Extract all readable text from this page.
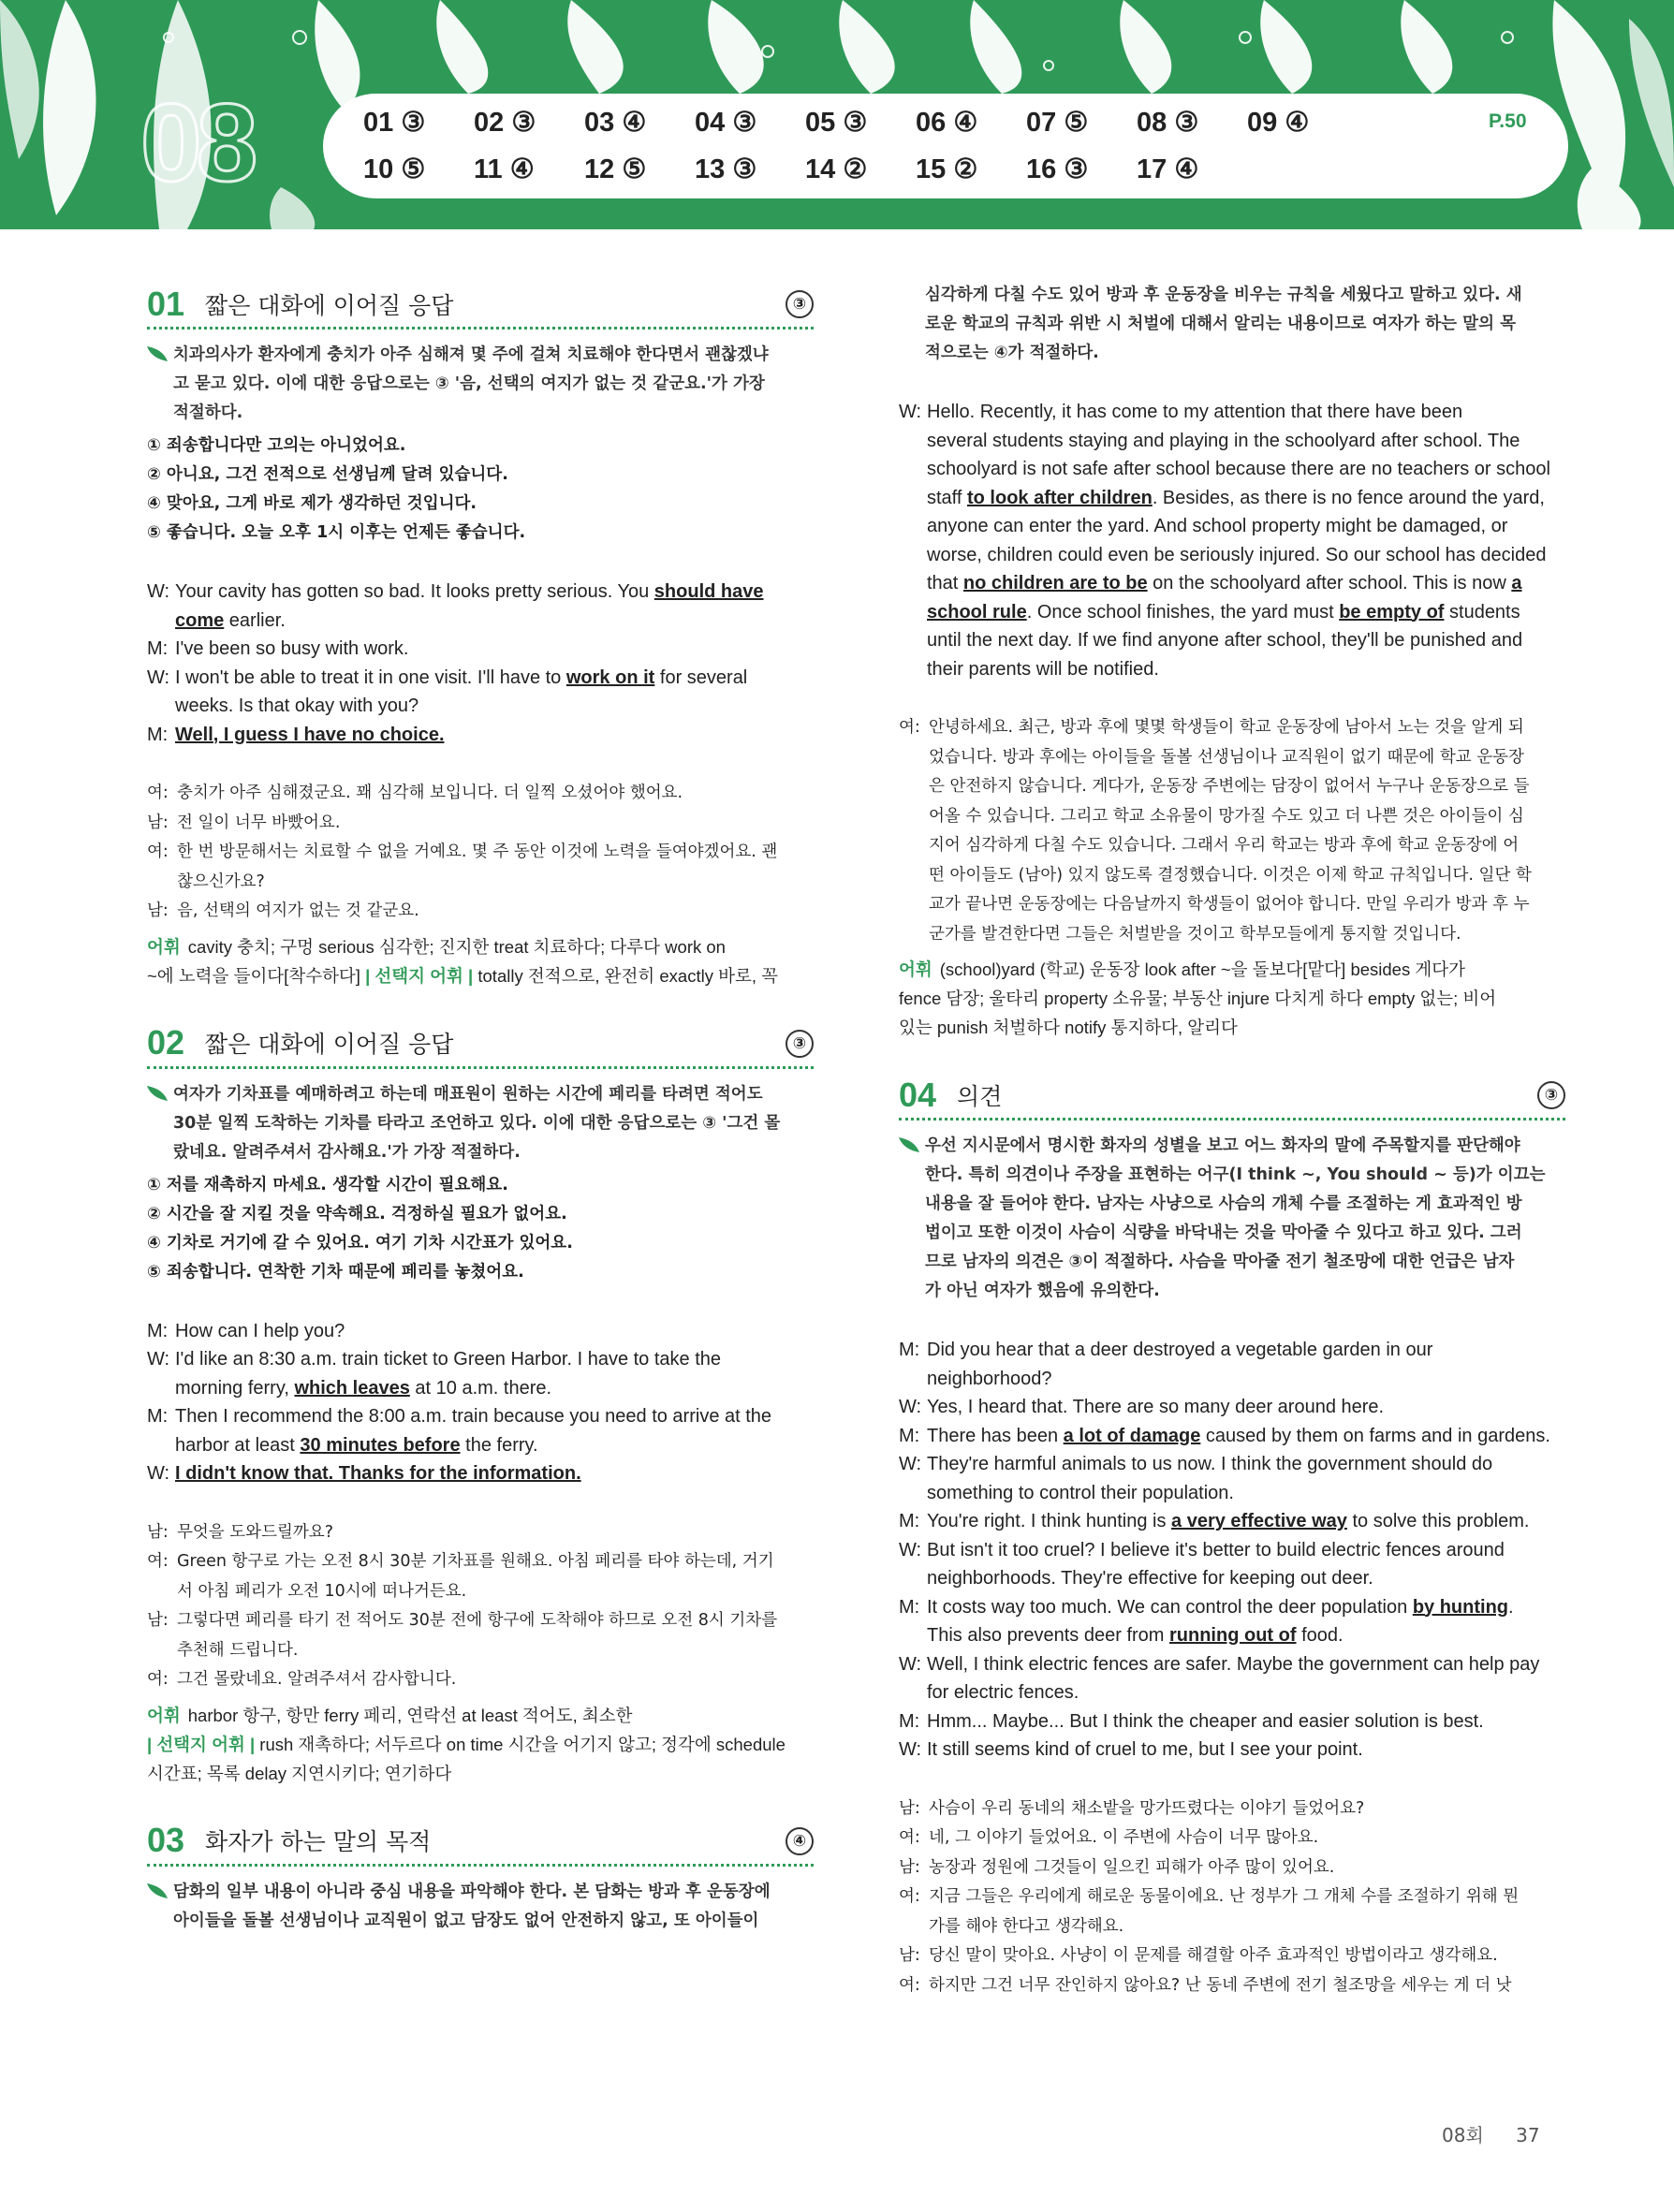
08	01 ③ 02 ③ 03 ④ 04 ③ 05 ③ 06 ④ 07 ⑤ 08 ③ 09 ④
10 ⑤ 11 ④ 12 ⑤ 13 ③ 14 ② 15 ② 16 ③ 17 ④
P.50
01 짧은 대화에 이어질 응답	③
치과의사가 환자에게 충치가 아주 심해져 몇 주에 걸쳐 치료해야 한다면서 괜찮겠냐
고 묻고 있다. 이에 대한 응답으로는 ③ '음, 선택의 여지가 없는 것 같군요.'가 가장
적절하다.
① 죄송합니다만 고의는 아니었어요.
② 아니요, 그건 전적으로 선생님께 달려 있습니다.
④ 맞아요, 그게 바로 제가 생각하던 것입니다.
⑤ 좋습니다. 오늘 오후 1시 이후는 언제든 좋습니다.
W: Your cavity has gotten so bad. It looks pretty serious. You should have
come earlier.
M: I've been so busy with work.
W: I won't be able to treat it in one visit. I'll have to work on it for several
weeks. Is that okay with you?
M: Well, I guess I have no choice.
여: 충치가 아주 심해졌군요. 꽤 심각해 보입니다. 더 일찍 오셨어야 했어요.
남: 전 일이 너무 바빴어요.
여: 한 번 방문해서는 치료할 수 없을 거예요. 몇 주 동안 이것에 노력을 들여야겠어요. 괜
찮으신가요?
남: 음, 선택의 여지가 없는 것 같군요.
어휘 cavity 충치; 구멍 serious 심각한; 진지한 treat 치료하다; 다루다 work on
~에 노력을 들이다[착수하다] | 선택지 어휘 | totally 전적으로, 완전히 exactly 바로, 꼭
02 짧은 대화에 이어질 응답	③
여자가 기차표를 예매하려고 하는데 매표원이 원하는 시간에 페리를 타려면 적어도
30분 일찍 도착하는 기차를 타라고 조언하고 있다. 이에 대한 응답으로는 ③ '그건 몰
랐네요. 알려주셔서 감사해요.'가 가장 적절하다.
① 저를 재촉하지 마세요. 생각할 시간이 필요해요.
② 시간을 잘 지킬 것을 약속해요. 걱정하실 필요가 없어요.
④ 기차로 거기에 갈 수 있어요. 여기 기차 시간표가 있어요.
⑤ 죄송합니다. 연착한 기차 때문에 페리를 놓쳤어요.
M: How can I help you?
W: I'd like an 8:30 a.m. train ticket to Green Harbor. I have to take the
morning ferry, which leaves at 10 a.m. there.
M: Then I recommend the 8:00 a.m. train because you need to arrive at the
harbor at least 30 minutes before the ferry.
W: I didn't know that. Thanks for the information.
남: 무엇을 도와드릴까요?
여: Green 항구로 가는 오전 8시 30분 기차표를 원해요. 아침 페리를 타야 하는데, 거기
서 아침 페리가 오전 10시에 떠나거든요.
남: 그렇다면 페리를 타기 전 적어도 30분 전에 항구에 도착해야 하므로 오전 8시 기차를
추천해 드립니다.
여: 그건 몰랐네요. 알려주셔서 감사합니다.
어휘 harbor 항구, 항만 ferry 페리, 연락선 at least 적어도, 최소한
| 선택지 어휘 | rush 재촉하다; 서두르다 on time 시간을 어기지 않고; 정각에 schedule
시간표; 목록 delay 지연시키다; 연기하다
03 화자가 하는 말의 목적	④
담화의 일부 내용이 아니라 중심 내용을 파악해야 한다. 본 담화는 방과 후 운동장에
아이들을 돌볼 선생님이나 교직원이 없고 담장도 없어 안전하지 않고, 또 아이들이
심각하게 다칠 수도 있어 방과 후 운동장을 비우는 규칙을 세웠다고 말하고 있다. 새
로운 학교의 규칙과 위반 시 처벌에 대해서 알리는 내용이므로 여자가 하는 말의 목
적으로는 ④가 적절하다.
W: Hello. Recently, it has come to my attention that there have been
several students staying and playing in the schoolyard after school. The
schoolyard is not safe after school because there are no teachers or school
staff to look after children. Besides, as there is no fence around the yard,
anyone can enter the yard. And school property might be damaged, or
worse, children could even be seriously injured. So our school has decided
that no children are to be on the schoolyard after school. This is now a
school rule. Once school finishes, the yard must be empty of students
until the next day. If we find anyone after school, they'll be punished and
their parents will be notified.
여: 안녕하세요. 최근, 방과 후에 몇몇 학생들이 학교 운동장에 남아서 노는 것을 알게 되
었습니다. 방과 후에는 아이들을 돌볼 선생님이나 교직원이 없기 때문에 학교 운동장
은 안전하지 않습니다. 게다가, 운동장 주변에는 담장이 없어서 누구나 운동장으로 들
어올 수 있습니다. 그리고 학교 소유물이 망가질 수도 있고 더 나쁜 것은 아이들이 심
지어 심각하게 다칠 수도 있습니다. 그래서 우리 학교는 방과 후에 학교 운동장에 어
떤 아이들도 (남아) 있지 않도록 결정했습니다. 이것은 이제 학교 규칙입니다. 일단 학
교가 끝나면 운동장에는 다음날까지 학생들이 없어야 합니다. 만일 우리가 방과 후 누
군가를 발견한다면 그들은 처벌받을 것이고 학부모들에게 통지할 것입니다.
어휘 (school)yard (학교) 운동장 look after ~을 돌보다[맡다] besides 게다가
fence 담장; 울타리 property 소유물; 부동산 injure 다치게 하다 empty 없는; 비어
있는 punish 처벌하다 notify 통지하다, 알리다
04 의견	③
우선 지시문에서 명시한 화자의 성별을 보고 어느 화자의 말에 주목할지를 판단해야
한다. 특히 의견이나 주장을 표현하는 어구(I think ~, You should ~ 등)가 이끄는
내용을 잘 들어야 한다. 남자는 사냥으로 사슴의 개체 수를 조절하는 게 효과적인 방
법이고 또한 이것이 사슴이 식량을 바닥내는 것을 막아줄 수 있다고 하고 있다. 그러
므로 남자의 의견은 ③이 적절하다. 사슴을 막아줄 전기 철조망에 대한 언급은 남자
가 아닌 여자가 했음에 유의한다.
M: Did you hear that a deer destroyed a vegetable garden in our
neighborhood?
W: Yes, I heard that. There are so many deer around here.
M: There has been a lot of damage caused by them on farms and in gardens.
W: They're harmful animals to us now. I think the government should do
something to control their population.
M: You're right. I think hunting is a very effective way to solve this problem.
W: But isn't it too cruel? I believe it's better to build electric fences around
neighborhoods. They're effective for keeping out deer.
M: It costs way too much. We can control the deer population by hunting.
This also prevents deer from running out of food.
W: Well, I think electric fences are safer. Maybe the government can help pay
for electric fences.
M: Hmm... Maybe... But I think the cheaper and easier solution is best.
W: It still seems kind of cruel to me, but I see your point.
남: 사슴이 우리 동네의 채소밭을 망가뜨렸다는 이야기 들었어요?
여: 네, 그 이야기 들었어요. 이 주변에 사슴이 너무 많아요.
남: 농장과 정원에 그것들이 일으킨 피해가 아주 많이 있어요.
여: 지금 그들은 우리에게 해로운 동물이에요. 난 정부가 그 개체 수를 조절하기 위해 뭔
가를 해야 한다고 생각해요.
남: 당신 말이 맞아요. 사냥이 이 문제를 해결할 아주 효과적인 방법이라고 생각해요.
여: 하지만 그건 너무 잔인하지 않아요? 난 동네 주변에 전기 철조망을 세우는 게 더 낫
08회 37
